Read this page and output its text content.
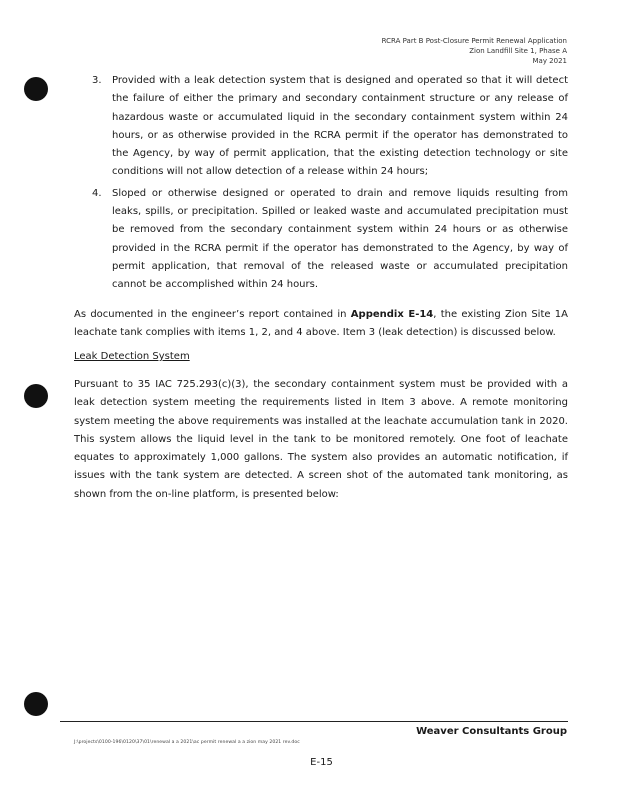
RCRA Part B Post-Closure Permit Renewal Application
Zion Landfill Site 1, Phase A
May 2021
3. Provided with a leak detection system that is designed and operated so that it will detect the failure of either the primary and secondary containment structure or any release of hazardous waste or accumulated liquid in the secondary containment system within 24 hours, or as otherwise provided in the RCRA permit if the operator has demonstrated to the Agency, by way of permit application, that the existing detection technology or site conditions will not allow detection of a release within 24 hours;
4. Sloped or otherwise designed or operated to drain and remove liquids resulting from leaks, spills, or precipitation. Spilled or leaked waste and accumulated precipitation must be removed from the secondary containment system within 24 hours or as otherwise provided in the RCRA permit if the operator has demonstrated to the Agency, by way of permit application, that removal of the released waste or accumulated precipitation cannot be accomplished within 24 hours.
As documented in the engineer’s report contained in Appendix E-14, the existing Zion Site 1A leachate tank complies with items 1, 2, and 4 above. Item 3 (leak detection) is discussed below.
Leak Detection System
Pursuant to 35 IAC 725.293(c)(3), the secondary containment system must be provided with a leak detection system meeting the requirements listed in Item 3 above. A remote monitoring system meeting the above requirements was installed at the leachate accumulation tank in 2020. This system allows the liquid level in the tank to be monitored remotely. One foot of leachate equates to approximately 1,000 gallons. The system also provides an automatic notification, if issues with the tank system are detected. A screen shot of the automated tank monitoring, as shown from the on-line platform, is presented below:
Weaver Consultants Group
J:\projects\0100-196\0120\37\01\renewal a a 2021\ac permit renewal a a zion may 2021 rev.doc
E-15
